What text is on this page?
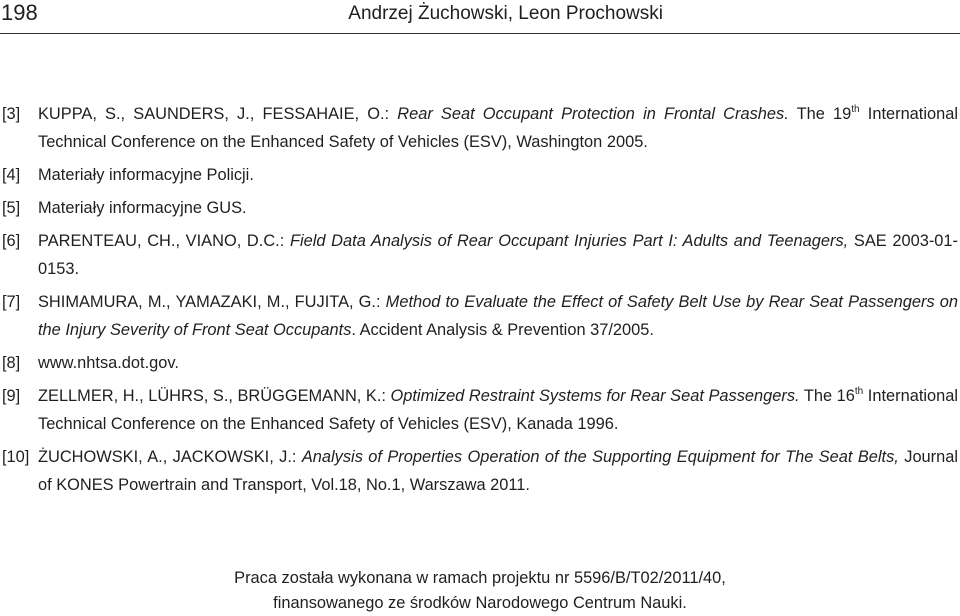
198	Andrzej Żuchowski, Leon Prochowski
[3]	KUPPA, S., SAUNDERS, J., FESSAHAIE, O.: Rear Seat Occupant Protection in Frontal Crashes. The 19th International Technical Conference on the Enhanced Safety of Vehicles (ESV), Washington 2005.
[4]	Materiały informacyjne Policji.
[5]	Materiały informacyjne GUS.
[6]	PARENTEAU, CH., VIANO, D.C.: Field Data Analysis of Rear Occupant Injuries Part I: Adults and Teenagers, SAE 2003-01-0153.
[7]	SHIMAMURA, M., YAMAZAKI, M., FUJITA, G.: Method to Evaluate the Effect of Safety Belt Use by Rear Seat Passengers on the Injury Severity of Front Seat Occupants. Accident Analysis & Prevention 37/2005.
[8]	www.nhtsa.dot.gov.
[9]	ZELLMER, H., LÜHRS, S., BRÜGGEMANN, K.: Optimized Restraint Systems for Rear Seat Passengers. The 16th International Technical Conference on the Enhanced Safety of Vehicles (ESV), Kanada 1996.
[10] ŻUCHOWSKI, A., JACKOWSKI, J.: Analysis of Properties Operation of the Supporting Equipment for The Seat Belts, Journal of KONES Powertrain and Transport, Vol.18, No.1, Warszawa 2011.
Praca została wykonana w ramach projektu nr 5596/B/T02/2011/40,
finansowanego ze środków Narodowego Centrum Nauki.
